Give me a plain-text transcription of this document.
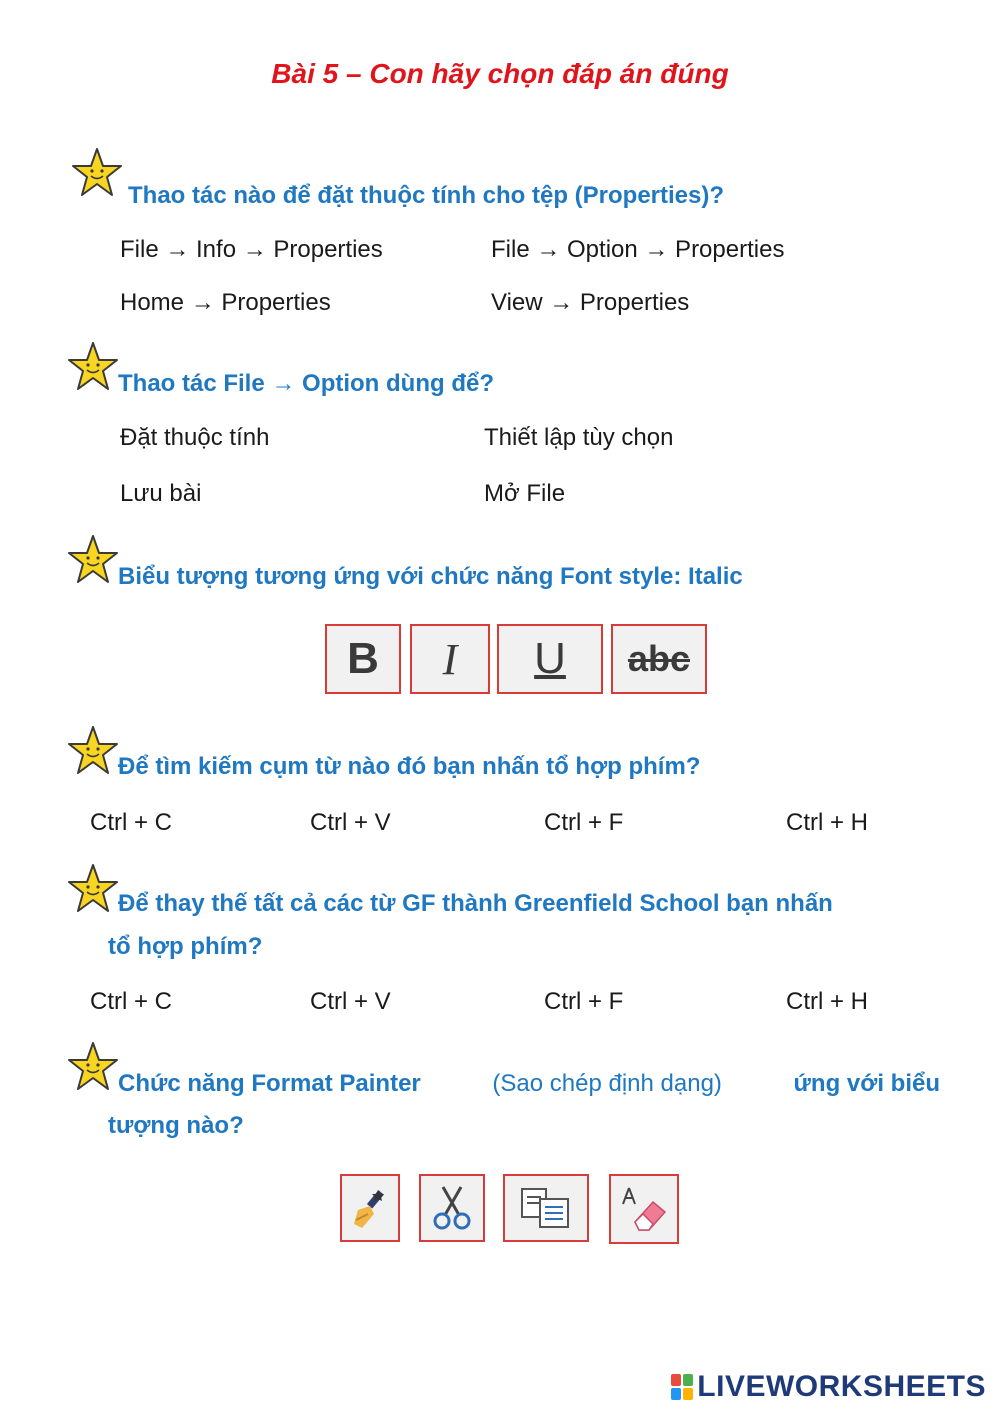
Bài 5 – Con hãy chọn đáp án đúng
Thao tác nào để đặt thuộc tính cho tệp (Properties)?
File → Info → Properties	File → Option → Properties
Home → Properties	View → Properties
Thao tác File → Option dùng để?
Đặt thuộc tính	Thiết lập tùy chọn
Lưu bài	Mở File
Biểu tượng tương ứng với chức năng Font style: Italic
B I U abc
Để tìm kiếm cụm từ nào đó bạn nhấn tổ hợp phím?
Ctrl + C	Ctrl + V	Ctrl + F	Ctrl + H
Để thay thế tất cả các từ GF thành Greenfield School bạn nhấn
tổ hợp phím?
Ctrl + C	Ctrl + V	Ctrl + F	Ctrl + H
Chức năng Format Painter	(Sao chép định dạng)	ứng với biểu
tượng nào?
LIVEWORKSHEETS
